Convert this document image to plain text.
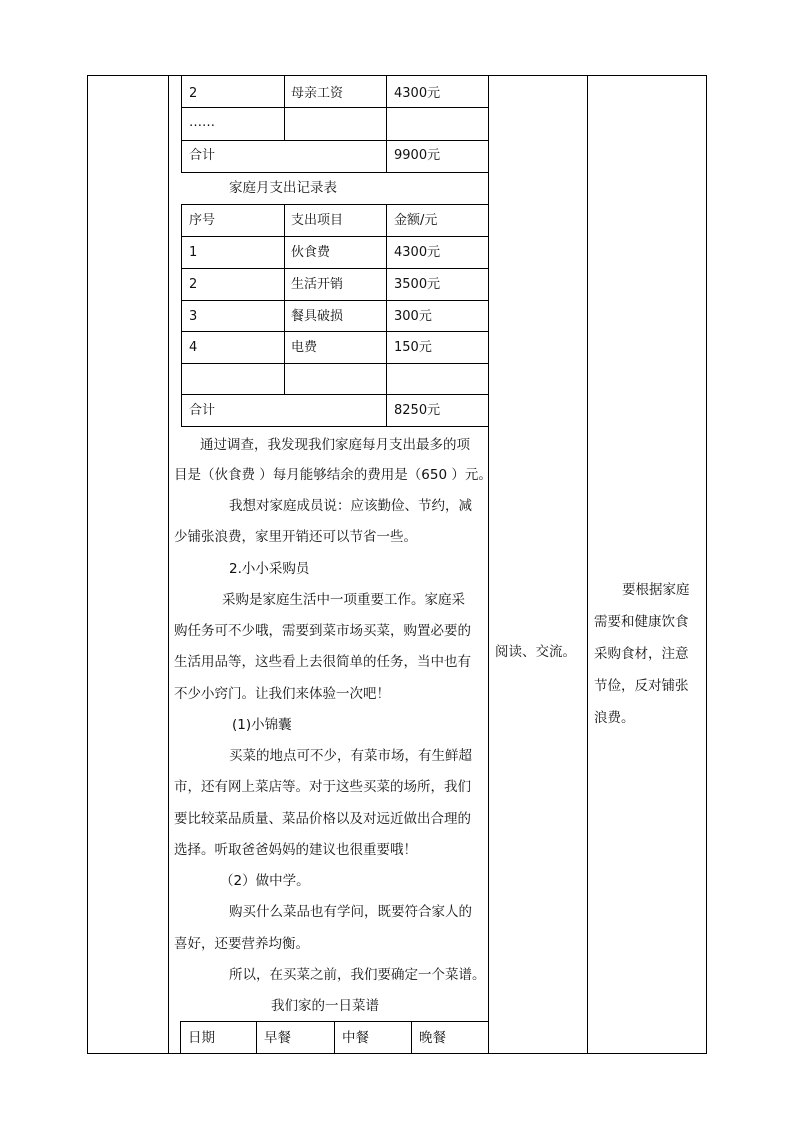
2	母亲工资	4300元
……
合计	9900元
家庭月支出记录表
序号	支出项目	金额/元
1	伙食费	4300元
2	生活开销	3500元
3	餐具破损	300元
4	电费	150元
合计	8250元
通过调查，我发现我们家庭每月支出最多的项
目是（伙食费 ）每月能够结余的费用是（650 ）元。
我想对家庭成员说：应该勤俭、节约，减
少铺张浪费，家里开销还可以节省一些。
2.小小采购员
采购是家庭生活中一项重要工作。家庭采
购任务可不少哦，需要到菜市场买菜，购置必要的
生活用品等，这些看上去很简单的任务，当中也有
不少小窍门。让我们来体验一次吧！
(1)小锦囊
买菜的地点可不少，有菜市场，有生鲜超
市，还有网上菜店等。对于这些买菜的场所，我们
要比较菜品质量、菜品价格以及对远近做出合理的
选择。听取爸爸妈妈的建议也很重要哦！
（2）做中学。
购买什么菜品也有学问，既要符合家人的
喜好，还要营养均衡。
所以，在买菜之前，我们要确定一个菜谱。
我们家的一日菜谱
日期	早餐	中餐	晚餐
阅读、交流。
要根据家庭
需要和健康饮食
采购食材，注意
节俭，反对铺张
浪费。
